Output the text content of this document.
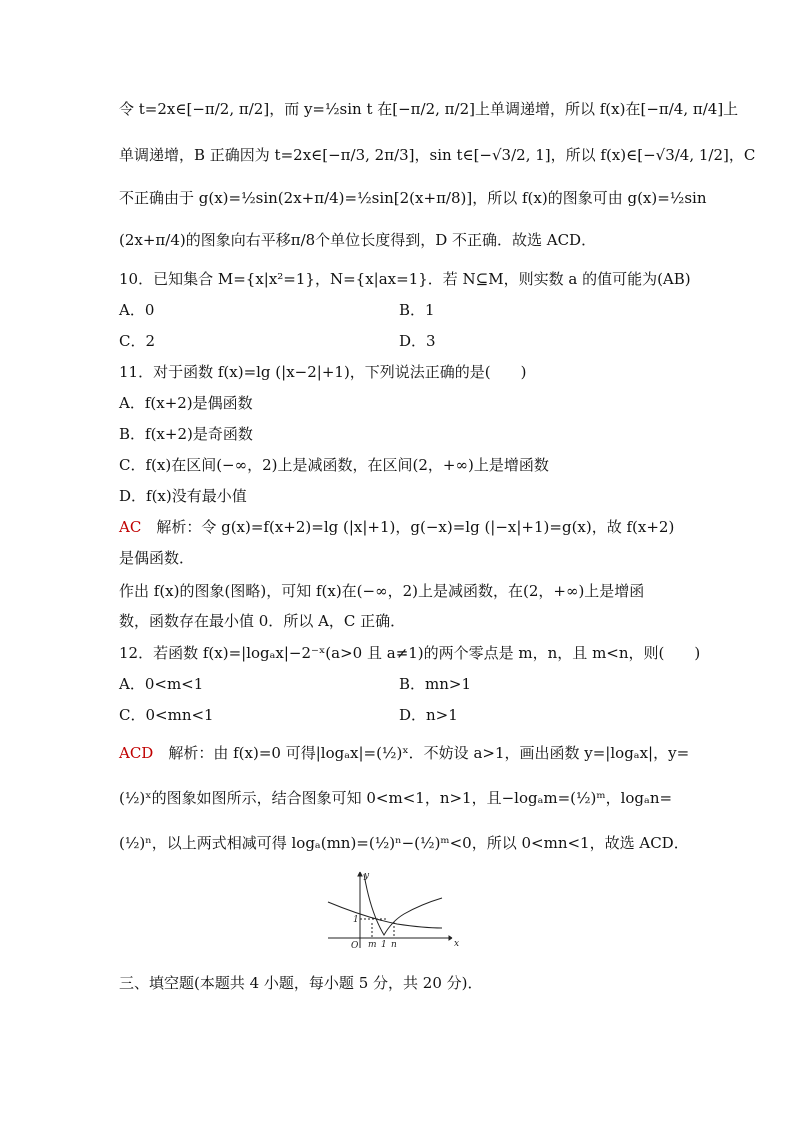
令 t=2x∈[−π/2, π/2]，而 y=½sin t 在[−π/2, π/2]上单调递增，所以 f(x)在[−π/4, π/4]上
单调递增，B 正确因为 t=2x∈[−π/3, 2π/3]，sin t∈[−√3/2, 1]，所以 f(x)∈[−√3/4, 1/2]，C
不正确由于 g(x)=½sin(2x+π/4)=½sin[2(x+π/8)]，所以 f(x)的图象可由 g(x)=½sin
(2x+π/4)的图象向右平移π/8个单位长度得到，D 不正确．故选 ACD．
10．已知集合 M={x|x²=1}，N={x|ax=1}．若 N⊆M，则实数 a 的值可能为(AB)
A．0	B．1
C．2	D．3
11．对于函数 f(x)=lg (|x−2|+1)，下列说法正确的是(　　)
A．f(x+2)是偶函数
B．f(x+2)是奇函数
C．f(x)在区间(−∞，2)上是减函数，在区间(2，+∞)上是增函数
D．f(x)没有最小值
AC　 解析：令 g(x)=f(x+2)=lg (|x|+1)，g(−x)=lg (|−x|+1)=g(x)，故 f(x+2)
是偶函数．
作出 f(x)的图象(图略)，可知 f(x)在(−∞，2)上是减函数，在(2，+∞)上是增函
数，函数存在最小值 0．所以 A，C 正确．
12．若函数 f(x)=|logₐx|−2⁻ˣ(a>0 且 a≠1)的两个零点是 m，n，且 m<n，则(　　)
A．0<m<1	B．mn>1
C．0<mn<1	D．n>1
ACD　 解析：由 f(x)=0 可得|logₐx|=(½)ˣ．不妨设 a>1，画出函数 y=|logₐx|，y=
(½)ˣ的图象如图所示，结合图象可知 0<m<1，n>1，且−logₐm=(½)ᵐ，logₐn=
(½)ⁿ，以上两式相减可得 logₐ(mn)=(½)ⁿ−(½)ᵐ<0，所以 0<mn<1，故选 ACD．
y
x
O
1
m 1 n
三、填空题(本题共 4 小题，每小题 5 分，共 20 分)．
